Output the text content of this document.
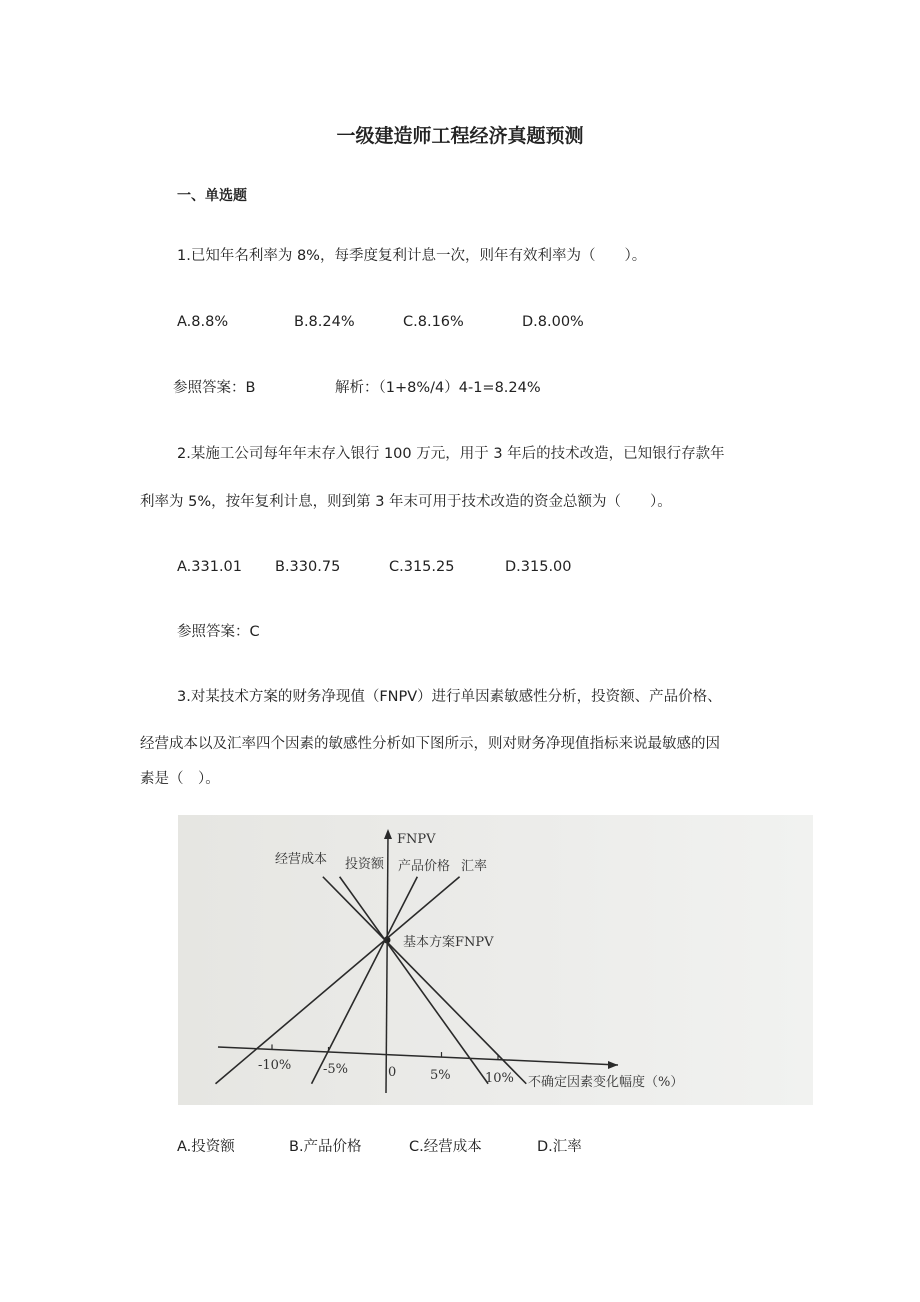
一级建造师工程经济真题预测
一、单选题
1.已知年名利率为 8%，每季度复利计息一次，则年有效利率为（　　）。
A.8.8%	B.8.24%	C.8.16%	D.8.00%
参照答案：B	解析：（1+8%/4）4-1=8.24%
2.某施工公司每年年末存入银行 100 万元，用于 3 年后的技术改造，已知银行存款年
利率为 5%，按年复利计息，则到第 3 年末可用于技术改造的资金总额为（　　）。
A.331.01 B.330.75	C.315.25	D.315.00
参照答案：C
3.对某技术方案的财务净现值（FNPV）进行单因素敏感性分析，投资额、产品价格、
经营成本以及汇率四个因素的敏感性分析如下图所示，则对财务净现值指标来说最敏感的因
素是（　）。
FNPV
基本方案FNPV
经营成本 投资额 产品价格 汇率
-10% -5%	0	5%	10% 不确定因素变化幅度（%）
A.投资额	B.产品价格	C.经营成本	D.汇率
